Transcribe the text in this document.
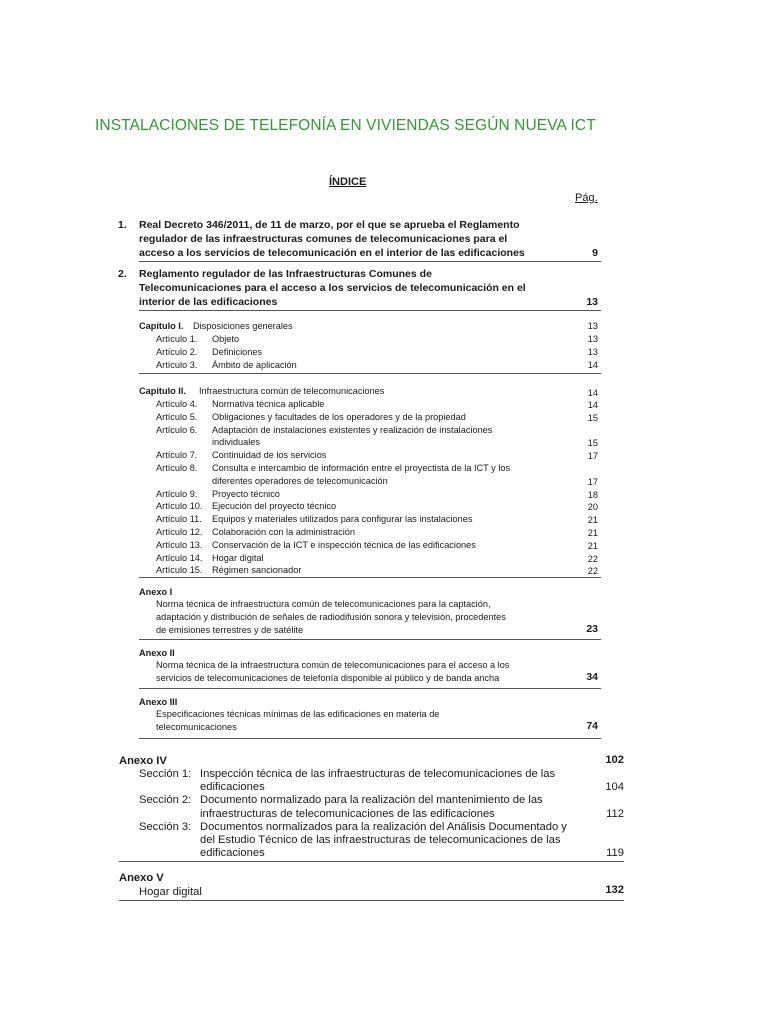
INSTALACIONES DE TELEFONÍA EN VIVIENDAS SEGÚN NUEVA ICT
ÍNDICE
Pág.
1. Real Decreto 346/2011, de 11 de marzo, por el que se aprueba el Reglamento
regulador de las infraestructuras comunes de telecomunicaciones para el
acceso a los servicios de telecomunicación en el interior de las edificaciones	9
2. Reglamento regulador de las Infraestructuras Comunes de
Telecomunicaciones para el acceso a los servicios de telecomunicación en el
interior de las edificaciones	13
Capítulo I. Disposiciones generales	13
Artículo 1. Objeto	13
Artículo 2. Definiciones	13
Artículo 3. Ámbito de aplicación	14
Capítulo II. Infraestructura común de telecomunicaciones	14
Artículo 4. Normativa técnica aplicable	14
Artículo 5. Obligaciones y facultades de los operadores y de la propiedad	15
Artículo 6. Adaptación de instalaciones existentes y realización de instalaciones
individuales	15
Artículo 7. Continuidad de los servicios	17
Artículo 8. Consulta e intercambio de información entre el proyectista de la ICT y los
diferentes operadores de telecomunicación	17
Artículo 9. Proyecto técnico	18
Artículo 10. Ejecución del proyecto técnico	20
Artículo 11. Equipos y materiales utilizados para configurar las instalaciones	21
Artículo 12. Colaboración con la administración	21
Artículo 13. Conservación de la ICT e inspección técnica de las edificaciones	21
Artículo 14. Hogar digital	22
Artículo 15. Régimen sancionador	22
Anexo I
Norma técnica de infraestructura común de telecomunicaciones para la captación,
adaptación y distribución de señales de radiodifusión sonora y televisión, procedentes
de emisiones terrestres y de satélite	23
Anexo II
Norma técnica de la infraestructura común de telecomunicaciones para el acceso a los
servicios de telecomunicaciones de telefonía disponible al público y de banda ancha	34
Anexo III
Especificaciones técnicas mínimas de las edificaciones en materia de
telecomunicaciones	74
Anexo IV	102
Sección 1: Inspección técnica de las infraestructuras de telecomunicaciones de las
edificaciones	104
Sección 2: Documento normalizado para la realización del mantenimiento de las
infraestructuras de telecomunicaciones de las edificaciones	112
Sección 3: Documentos normalizados para la realización del Análisis Documentado y
del Estudio Técnico de las infraestructuras de telecomunicaciones de las
edificaciones	119
Anexo V
Hogar digital	132
